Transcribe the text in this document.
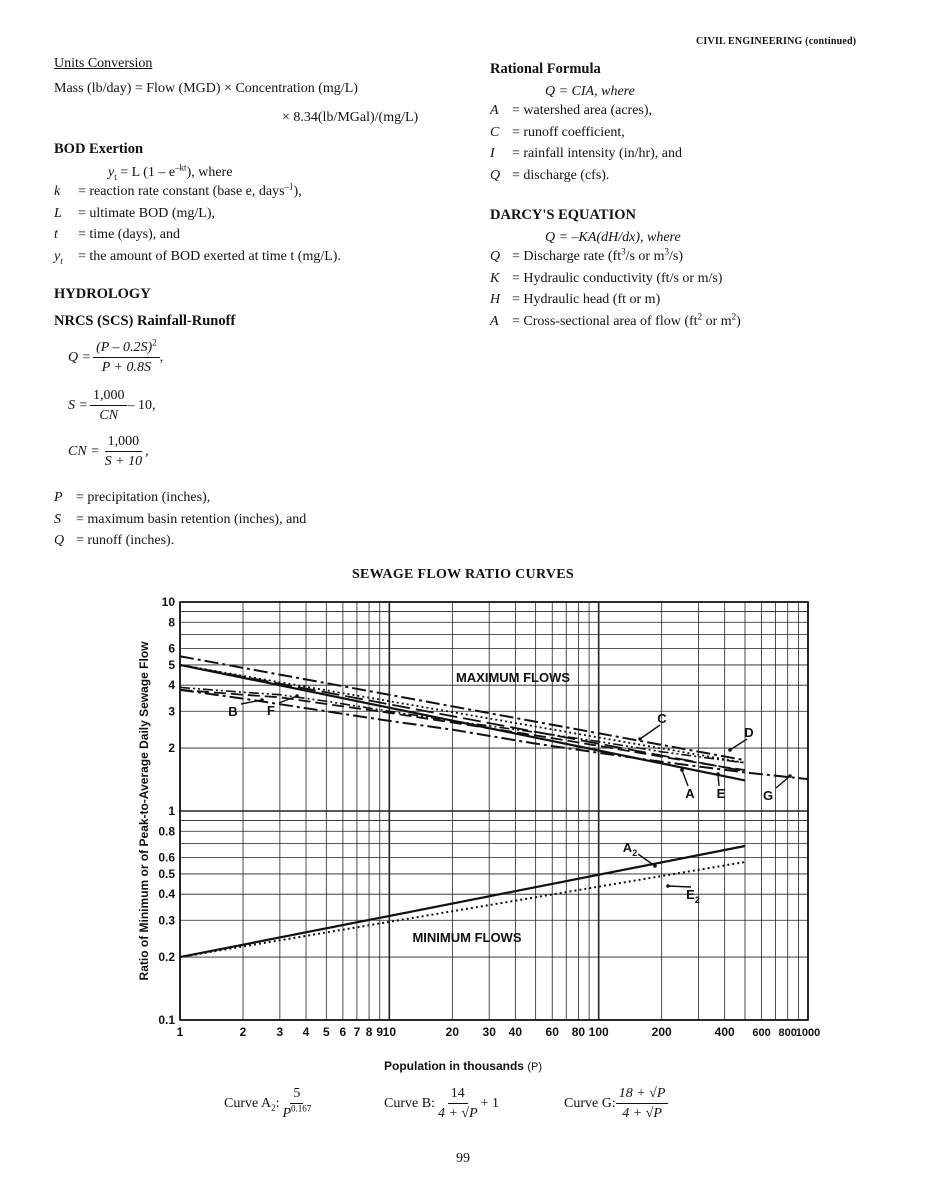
CIVIL ENGINEERING (continued)
Units Conversion
Mass (lb/day) = Flow (MGD) × Concentration (mg/L)
× 8.34(lb/MGal)/(mg/L)
BOD Exertion
$y_t = L$ $(1 - e^{-kt})$, where
k = reaction rate constant (base e, days$^{-1}$),
L = ultimate BOD (mg/L),
t = time (days), and
$y_t$ = the amount of BOD exerted at time t (mg/L).
HYDROLOGY
NRCS (SCS) Rainfall-Runoff
$Q = \frac{(P - 0.2S)^2}{P + 0.8S}$ ,
$S = \frac{1,000}{CN} - 10$,
CN = $\frac{1,000}{S + 10}$ ,
P = precipitation (inches),
S = maximum basin retention (inches), and
Q = runoff (inches).
Rational Formula
Q = CIA, where
A = watershed area (acres),
C = runoff coefficient,
I = rainfall intensity (in/hr), and
Q = discharge (cfs).
DARCY'S EQUATION
Q = –KA(dH/dx), where
Q = Discharge rate ($ft^3/s$ or $m^3/s$)
K = Hydraulic conductivity (ft/s or m/s)
H = Hydraulic head (ft or m)
A = Cross-sectional area of flow ($ft^2$ or $m^2$)
SEWAGE FLOW RATIO CURVES
0.1
0.2
0.3
0.4
0.5
0.6
0.8
1
2
3
4
5
6
8
10
1	2	3 4 5 6 7 8 9 10	20 30 40 60 80 100	200	400 600 800
1000
Ratio of Minimum or of Peak-to-Average Daily Sewage Flow	MAXIMUM FLOWS
MINIMUM FLOWS
A
B	C
D
E
F
G
$A_2$
$E_2$
Population in thousands (P)
Curve $A_2$: $\frac{5}{P^{0.167}}$	Curve B: $\frac{14}{4 + √P} + 1$	Curve G: $\frac{18 + √P}{4 + √P}$
99
